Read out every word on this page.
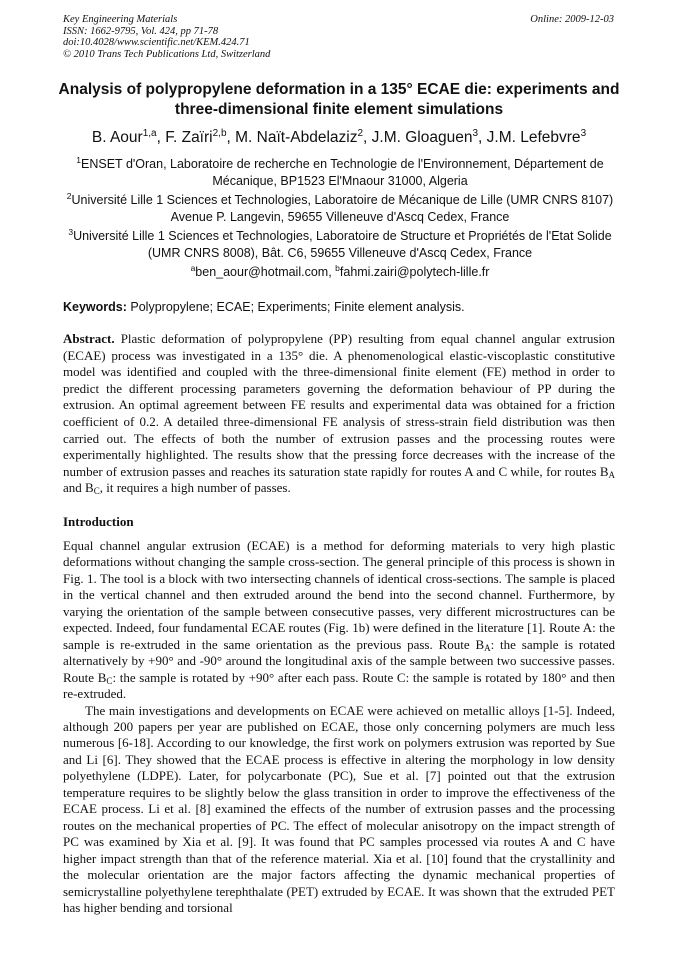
Key Engineering Materials
ISSN: 1662-9795, Vol. 424, pp 71-78
doi:10.4028/www.scientific.net/KEM.424.71
© 2010 Trans Tech Publications Ltd, Switzerland
Online: 2009-12-03
Analysis of polypropylene deformation in a 135° ECAE die: experiments and three-dimensional finite element simulations
B. Aour$^{1,a}$, F. Zaïri$^{2,b}$, M. Naït-Abdelaziz$^2$, J.M. Gloaguen$^3$, J.M. Lefebvre$^3$
$^1$ENSET d'Oran, Laboratoire de recherche en Technologie de l'Environnement, Département de Mécanique, BP1523 El'Mnaour 31000, Algeria
$^2$Université Lille 1 Sciences et Technologies, Laboratoire de Mécanique de Lille (UMR CNRS 8107) Avenue P. Langevin, 59655 Villeneuve d'Ascq Cedex, France
$^3$Université Lille 1 Sciences et Technologies, Laboratoire de Structure et Propriétés de l'Etat Solide (UMR CNRS 8008), Bât. C6, 59655 Villeneuve d'Ascq Cedex, France
$^a$ben_aour@hotmail.com, $^b$fahmi.zairi@polytech-lille.fr
Keywords: Polypropylene; ECAE; Experiments; Finite element analysis.
Abstract. Plastic deformation of polypropylene (PP) resulting from equal channel angular extrusion (ECAE) process was investigated in a 135° die. A phenomenological elastic-viscoplastic constitutive model was identified and coupled with the three-dimensional finite element (FE) method in order to predict the different processing parameters governing the deformation behaviour of PP during the extrusion. An optimal agreement between FE results and experimental data was obtained for a friction coefficient of 0.2. A detailed three-dimensional FE analysis of stress-strain field distribution was then carried out. The effects of both the number of extrusion passes and the processing routes were experimentally highlighted. The results show that the pressing force decreases with the increase of the number of extrusion passes and reaches its saturation state rapidly for routes A and C while, for routes $B_A$ and $B_C$, it requires a high number of passes.
Introduction

Equal channel angular extrusion (ECAE) is a method for deforming materials to very high plastic deformations without changing the sample cross-section. The general principle of this process is shown in Fig. 1. The tool is a block with two intersecting channels of identical cross-sections. The sample is placed in the vertical channel and then extruded around the bend into the second channel. Furthermore, by varying the orientation of the sample between consecutive passes, very different microstructures can be expected. Indeed, four fundamental ECAE routes (Fig. 1b) were defined in the literature [1]. Route A: the sample is re-extruded in the same orientation as the previous pass. Route $B_A$: the sample is rotated alternatively by +90° and -90° around the longitudinal axis of the sample between two successive passes. Route $B_C$: the sample is rotated by +90° after each pass. Route C: the sample is rotated by 180° and then re-extruded.

The main investigations and developments on ECAE were achieved on metallic alloys [1-5]. Indeed, although 200 papers per year are published on ECAE, those only concerning polymers are much less numerous [6-18]. According to our knowledge, the first work on polymers extrusion was reported by Sue and Li [6]. They showed that the ECAE process is effective in altering the morphology in low density polyethylene (LDPE). Later, for polycarbonate (PC), Sue et al. [7] pointed out that the extrusion temperature requires to be slightly below the glass transition in order to improve the effectiveness of the ECAE process. Li et al. [8] examined the effects of the number of extrusion passes and the processing routes on the mechanical properties of PC. The effect of molecular anisotropy on the impact strength of PC was examined by Xia et al. [9]. It was found that PC samples processed via routes A and C have higher impact strength than that of the reference material. Xia et al. [10] found that the crystallinity and the molecular orientation are the major factors affecting the dynamic mechanical properties of semicrystalline polyethylene terephthalate (PET) extruded by ECAE. It was shown that the extruded PET has higher bending and torsional
